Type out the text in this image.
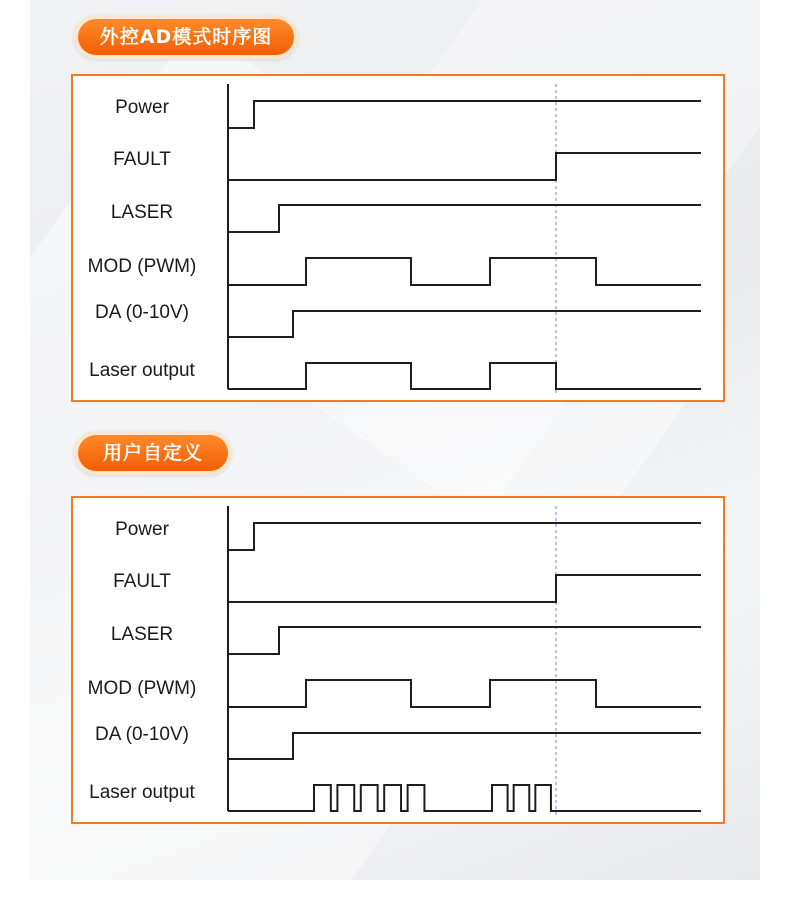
外控AD模式时序图
Power
FAULT
LASER
MOD (PWM)
DA (0-10V)
Laser output
用户自定义
Power
FAULT
LASER
MOD (PWM)
DA (0-10V)
Laser output
